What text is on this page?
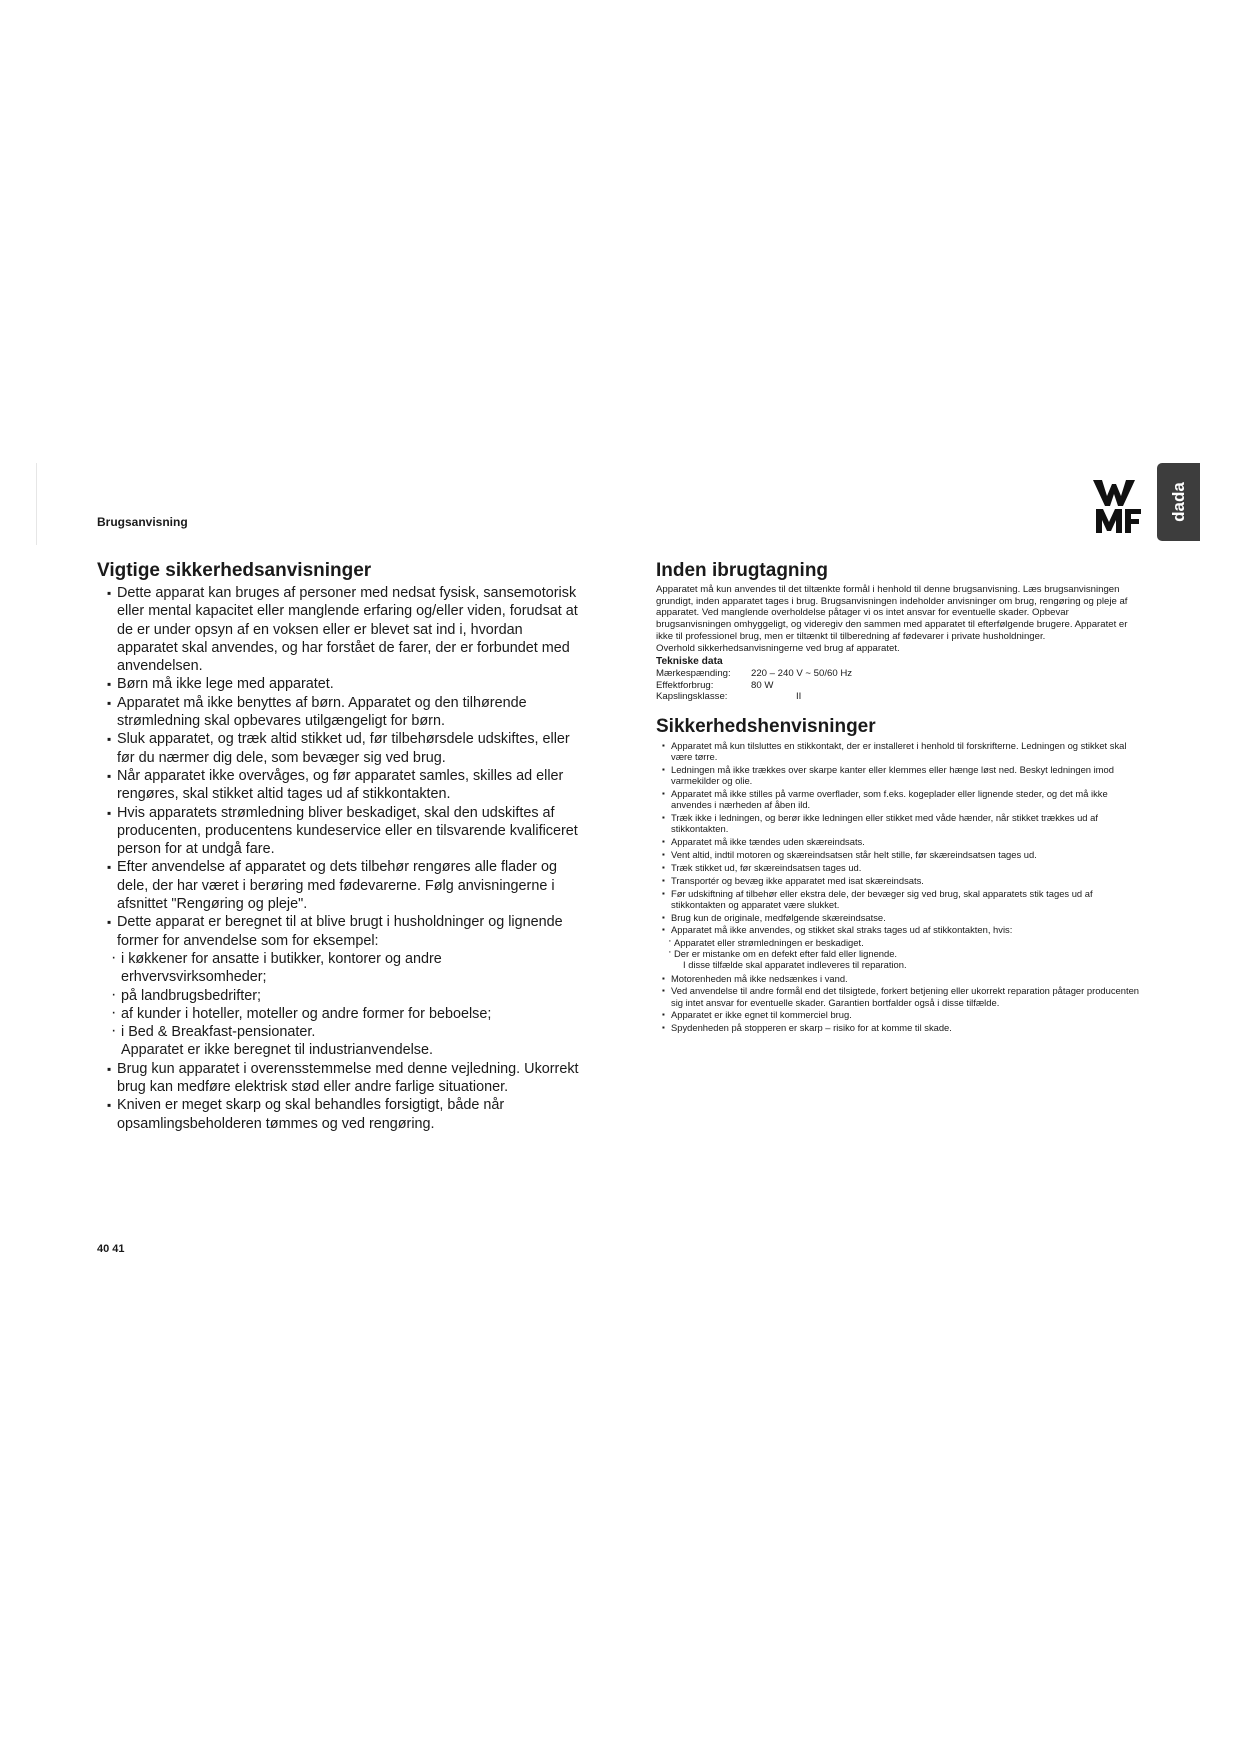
Brugsanvisning
dada
Vigtige sikkerhedsanvisninger
▪ Dette apparat kan bruges af personer med nedsat fysisk, sansemotorisk eller mental kapacitet eller manglende erfaring og/eller viden, forudsat at de er under opsyn af en voksen eller er blevet sat ind i, hvordan apparatet skal anvendes, og har forstået de farer, der er forbundet med anvendelsen.
▪ Børn må ikke lege med apparatet.
▪ Apparatet må ikke benyttes af børn. Apparatet og den tilhørende strømledning skal opbevares utilgængeligt for børn.
▪ Sluk apparatet, og træk altid stikket ud, før tilbehørsdele udskiftes, eller før du nærmer dig dele, som bevæger sig ved brug.
▪ Når apparatet ikke overvåges, og før apparatet samles, skilles ad eller rengøres, skal stikket altid tages ud af stikkontakten.
▪ Hvis apparatets strømledning bliver beskadiget, skal den udskiftes af producenten, producentens kundeservice eller en tilsvarende kvalificeret person for at undgå fare.
▪ Efter anvendelse af apparatet og dets tilbehør rengøres alle flader og dele, der har været i berøring med fødevarerne. Følg anvisningerne i afsnittet "Rengøring og pleje".
▪ Dette apparat er beregnet til at blive brugt i husholdninger og lignende former for anvendelse som for eksempel:
· i køkkener for ansatte i butikker, kontorer og andre erhvervsvirksomheder;
· på landbrugsbedrifter;
· af kunder i hoteller, moteller og andre former for beboelse;
· i Bed & Breakfast-pensionater.
Apparatet er ikke beregnet til industrianvendelse.
▪ Brug kun apparatet i overensstemmelse med denne vejledning. Ukorrekt brug kan medføre elektrisk stød eller andre farlige situationer.
▪ Kniven er meget skarp og skal behandles forsigtigt, både når opsamlingsbeholderen tømmes og ved rengøring.
Inden ibrugtagning

Apparatet må kun anvendes til det tiltænkte formål i henhold til denne brugsanvisning. Læs brugsanvisningen grundigt, inden apparatet tages i brug. Brugsanvisningen indeholder anvisninger om brug, rengøring og pleje af apparatet. Ved manglende overholdelse påtager vi os intet ansvar for eventuelle skader. Opbevar brugsanvisningen omhyggeligt, og videregiv den sammen med apparatet til efterfølgende brugere. Apparatet er ikke til professionel brug, men er tiltænkt til tilberedning af fødevarer i private husholdninger.

Overhold sikkerhedsanvisningerne ved brug af apparatet.

Tekniske data

Mærkespænding:	220 – 240 V ~ 50/60 Hz
Effektforbrug:	80 W
Kapslingsklasse:	II
Sikkerhedshenvisninger
▪ Apparatet må kun tilsluttes en stikkontakt, der er installeret i henhold til forskrifterne. Ledningen og stikket skal være tørre.
▪ Ledningen må ikke trækkes over skarpe kanter eller klemmes eller hænge løst ned. Beskyt ledningen imod varmekilder og olie.
▪ Apparatet må ikke stilles på varme overflader, som f.eks. kogeplader eller lignende steder, og det må ikke anvendes i nærheden af åben ild.
▪ Træk ikke i ledningen, og berør ikke ledningen eller stikket med våde hænder, når stikket trækkes ud af stikkontakten.
▪ Apparatet må ikke tændes uden skæreindsats.
▪ Vent altid, indtil motoren og skæreindsatsen står helt stille, før skæreindsatsen tages ud.
▪ Træk stikket ud, før skæreindsatsen tages ud.
▪ Transportér og bevæg ikke apparatet med isat skæreindsats.
▪ Før udskiftning af tilbehør eller ekstra dele, der bevæger sig ved brug, skal apparatets stik tages ud af stikkontakten og apparatet være slukket.
▪ Brug kun de originale, medfølgende skæreindsatse.
▪ Apparatet må ikke anvendes, og stikket skal straks tages ud af stikkontakten, hvis:
· Apparatet eller strømledningen er beskadiget.
· Der er mistanke om en defekt efter fald eller lignende.
I disse tilfælde skal apparatet indleveres til reparation.
▪ Motorenheden må ikke nedsænkes i vand.
▪ Ved anvendelse til andre formål end det tilsigtede, forkert betjening eller ukorrekt reparation påtager producenten sig intet ansvar for eventuelle skader. Garantien bortfalder også i disse tilfælde.
▪ Apparatet er ikke egnet til kommerciel brug.
▪ Spydenheden på stopperen er skarp – risiko for at komme til skade.
40 41
